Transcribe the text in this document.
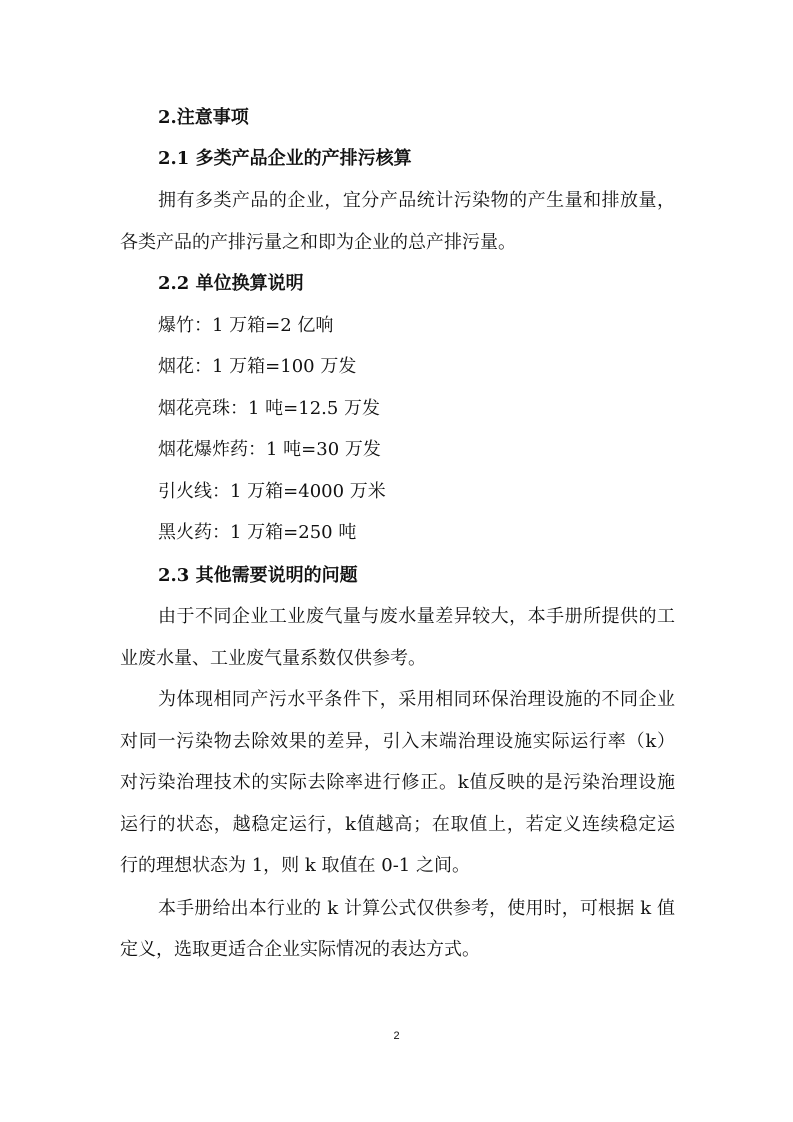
2.注意事项
2.1 多类产品企业的产排污核算
拥有多类产品的企业，宜分产品统计污染物的产生量和排放量，
各类产品的产排污量之和即为企业的总产排污量。
2.2 单位换算说明
爆竹：1 万箱=2 亿响
烟花：1 万箱=100 万发
烟花亮珠：1 吨=12.5 万发
烟花爆炸药：1 吨=30 万发
引火线：1 万箱=4000 万米
黑火药：1 万箱=250 吨
2.3 其他需要说明的问题
由于不同企业工业废气量与废水量差异较大，本手册所提供的工
业废水量、工业废气量系数仅供参考。
为体现相同产污水平条件下，采用相同环保治理设施的不同企业
对同一污染物去除效果的差异，引入末端治理设施实际运行率（k）
对污染治理技术的实际去除率进行修正。k值反映的是污染治理设施
运行的状态，越稳定运行，k值越高；在取值上，若定义连续稳定运
行的理想状态为 1，则 k 取值在 0-1 之间。
本手册给出本行业的 k 计算公式仅供参考，使用时，可根据 k 值
定义，选取更适合企业实际情况的表达方式。
2
